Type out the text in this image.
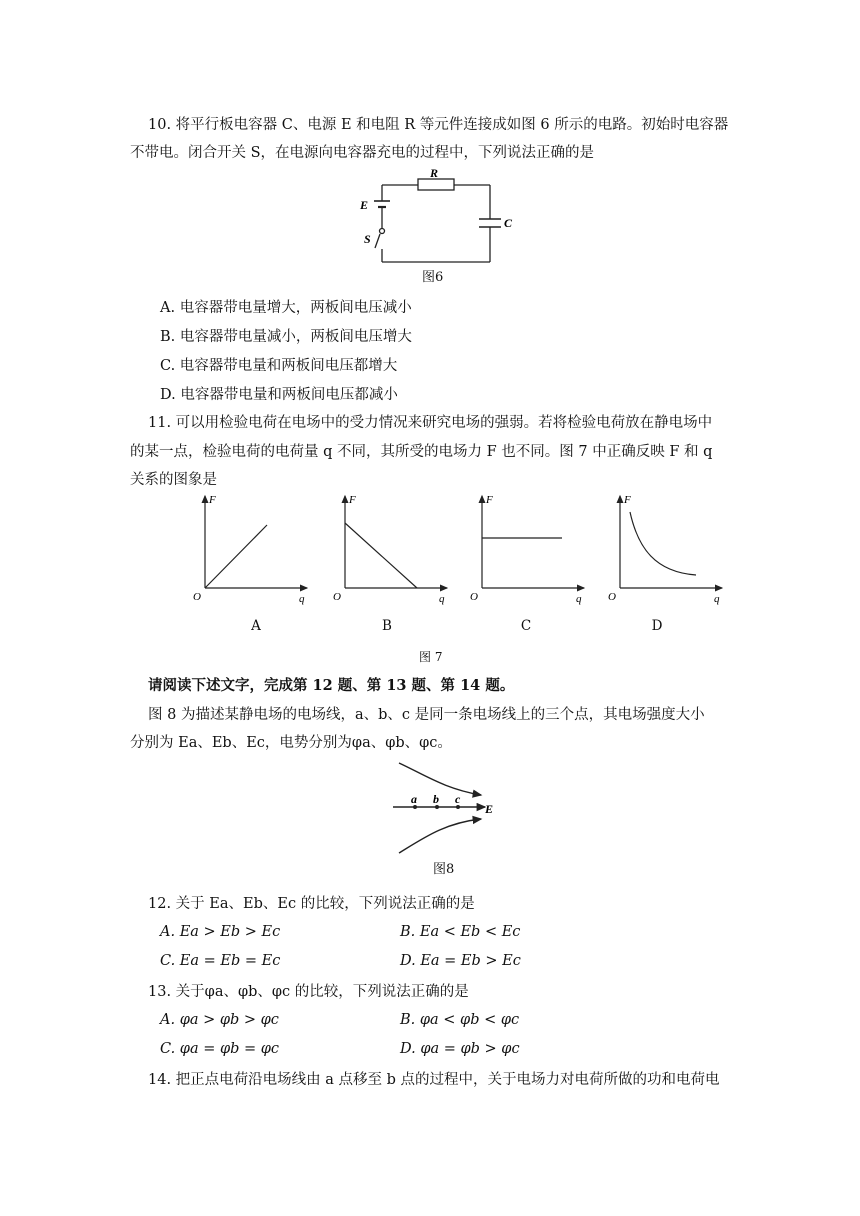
10. 将平行板电容器 C、电源 E 和电阻 R 等元件连接成如图 6 所示的电路。初始时电容器
不带电。闭合开关 S，在电源向电容器充电的过程中，下列说法正确的是
R
E
S
C
图6
A. 电容器带电量增大，两板间电压减小
B. 电容器带电量减小，两板间电压增大
C. 电容器带电量和两板间电压都增大
D. 电容器带电量和两板间电压都减小
11. 可以用检验电荷在电场中的受力情况来研究电场的强弱。若将检验电荷放在静电场中
的某一点，检验电荷的电荷量 q 不同，其所受的电场力 F 也不同。图 7 中正确反映 F 和 q
关系的图象是
F
O	q
F
O	q
F
O	q
F
O	q
A	B	C	D
图 7
请阅读下述文字，完成第 12 题、第 13 题、第 14 题。
图 8 为描述某静电场的电场线，a、b、c 是同一条电场线上的三个点，其电场强度大小
分别为 Ea、Eb、Ec，电势分别为φa、φb、φc。
a b c
E
图8
12. 关于 Ea、Eb、Ec 的比较，下列说法正确的是
A. Ea > Eb > Ec	B. Ea < Eb < Ec
C. Ea = Eb = Ec	D. Ea = Eb > Ec
13. 关于φa、φb、φc 的比较，下列说法正确的是
A. φa > φb > φc	B. φa < φb < φc
C. φa = φb = φc	D. φa = φb > φc
14. 把正点电荷沿电场线由 a 点移至 b 点的过程中，关于电场力对电荷所做的功和电荷电
